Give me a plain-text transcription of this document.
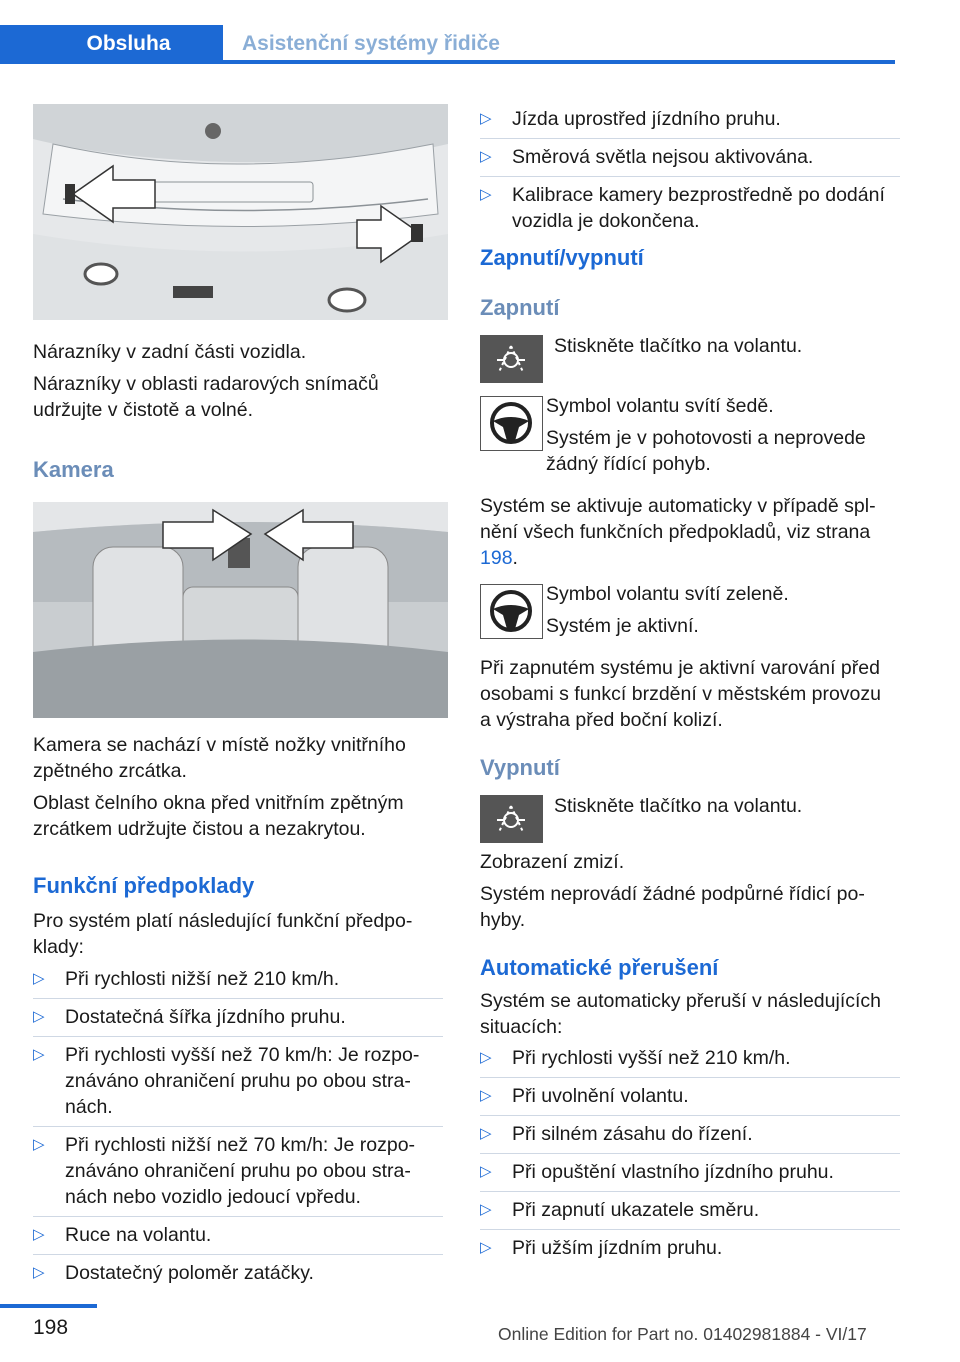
Obsluha	Asistenční systémy řidiče

Nárazníky v zadní části vozidla.

Nárazníky v oblasti radarových snímačů udržujte v čistotě a volné.

Kamera

Kamera se nachází v místě nožky vnitřního zpětného zrcátka.

Oblast čelního okna před vnitřním zpětným zrcátkem udržujte čistou a nezakrytou.

Funkční předpoklady

Pro systém platí následující funkční předpo-klady:

▷ Při rychlosti nižší než 210 km/h.
▷ Dostatečná šířka jízdního pruhu.
▷ Při rychlosti vyšší než 70 km/h: Je rozpo-znáváno ohraničení pruhu po obou stra-nách.
▷ Při rychlosti nižší než 70 km/h: Je rozpo-znáváno ohraničení pruhu po obou stra-nách nebo vozidlo jedoucí vpředu.
▷ Ruce na volantu.
▷ Dostatečný poloměr zatáčky.
▷ Jízda uprostřed jízdního pruhu.
▷ Směrová světla nejsou aktivována.
▷ Kalibrace kamery bezprostředně po dodání vozidla je dokončena.
Zapnutí/vypnutí
Zapnutí

Stiskněte tlačítko na volantu.

Symbol volantu svítí šedě.

Systém je v pohotovosti a neprovede žádný řídící pohyb.

Systém se aktivuje automaticky v případě spl-nění všech funkčních předpokladů, viz strana 198.

Symbol volantu svítí zeleně.

Systém je aktivní.

Při zapnutém systému je aktivní varování před osobami s funkcí brzdění v městském provozu a výstraha před boční kolizí.

Vypnutí

Stiskněte tlačítko na volantu.

Zobrazení zmizí.

Systém neprovádí žádné podpůrné řídicí po-hyby.

Automatické přerušení

Systém se automaticky přeruší v následujících situacích:

▷ Při rychlosti vyšší než 210 km/h.
▷ Při uvolnění volantu.
▷ Při silném zásahu do řízení.
▷ Při opuštění vlastního jízdního pruhu.
▷ Při zapnutí ukazatele směru.
▷ Při užším jízdním pruhu.
198	Online Edition for Part no. 01402981884 - VI/17
